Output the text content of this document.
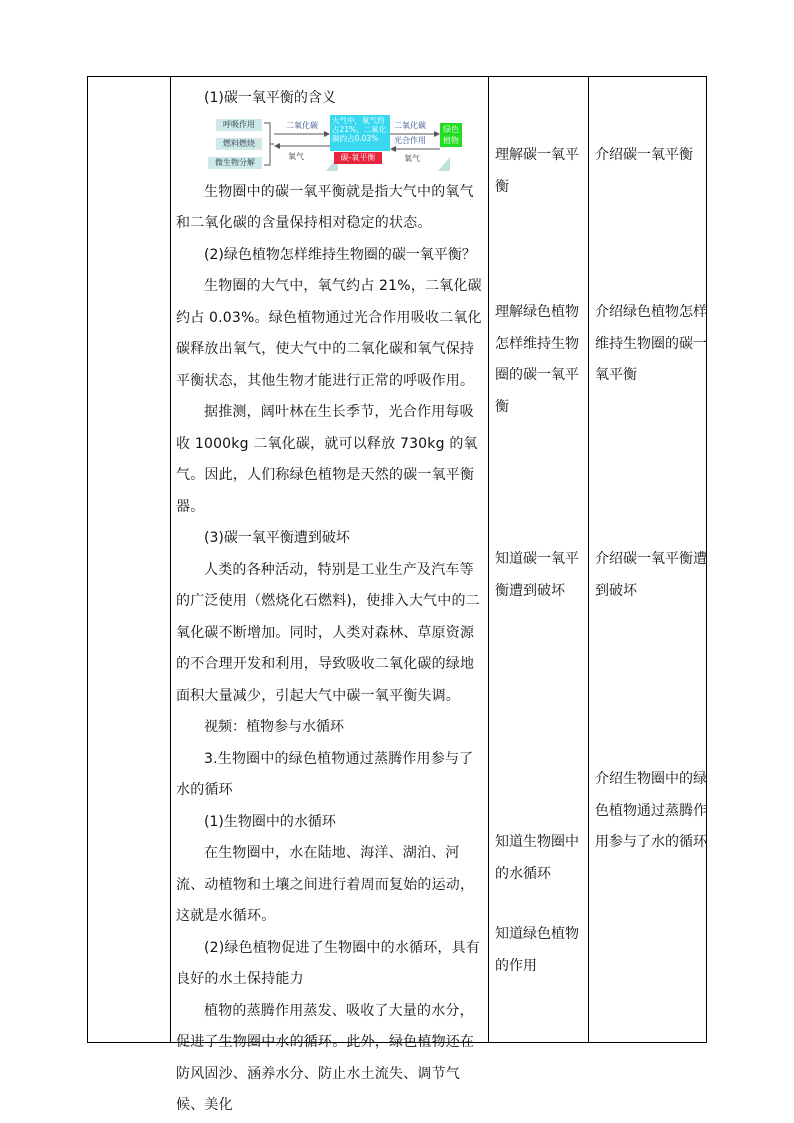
(1)碳一氧平衡的含义

呼吸作用
燃料燃烧
微生物分解
二氧化碳
氧气
大气中，氧气约占21%，二氧化碳约占0.03%
碳-氧平衡
二氧化碳
光合作用
氧气
绿色植物

生物圈中的碳一氧平衡就是指大气中的氧气和二氧化碳的含量保持相对稳定的状态。

(2)绿色植物怎样维持生物圈的碳一氧平衡？

生物圈的大气中，氧气约占 21%，二氧化碳约占 0.03%。绿色植物通过光合作用吸收二氧化碳释放出氧气，使大气中的二氧化碳和氧气保持平衡状态，其他生物才能进行正常的呼吸作用。

据推测，阔叶林在生长季节，光合作用每吸收 1000kg 二氧化碳，就可以释放 730kg 的氧气。因此，人们称绿色植物是天然的碳一氧平衡器。

(3)碳一氧平衡遭到破坏

人类的各种活动，特别是工业生产及汽车等的广泛使用（燃烧化石燃料)，使排入大气中的二氧化碳不断增加。同时，人类对森林、草原资源的不合理开发和利用，导致吸收二氧化碳的绿地面积大量减少，引起大气中碳一氧平衡失调。

视频：植物参与水循环

3.生物圈中的绿色植物通过蒸腾作用参与了水的循环

(1)生物圈中的水循环

在生物圈中，水在陆地、海洋、湖泊、河流、动植物和土壤之间进行着周而复始的运动，这就是水循环。

(2)绿色植物促进了生物圈中的水循环，具有良好的水土保持能力

植物的蒸腾作用蒸发、吸收了大量的水分，促进了生物圈中水的循环。此外，绿色植物还在防风固沙、涵养水分、防止水土流失、调节气候、美化

理解碳一氧平衡

理解绿色植物怎样维持生物圈的碳一氧平衡

知道碳一氧平衡遭到破坏

知道生物圈中的水循环

知道绿色植物的作用

介绍碳一氧平衡

介绍绿色植物怎样维持生物圈的碳一氧平衡

介绍碳一氧平衡遭到破坏

介绍生物圈中的绿色植物通过蒸腾作用参与了水的循环
